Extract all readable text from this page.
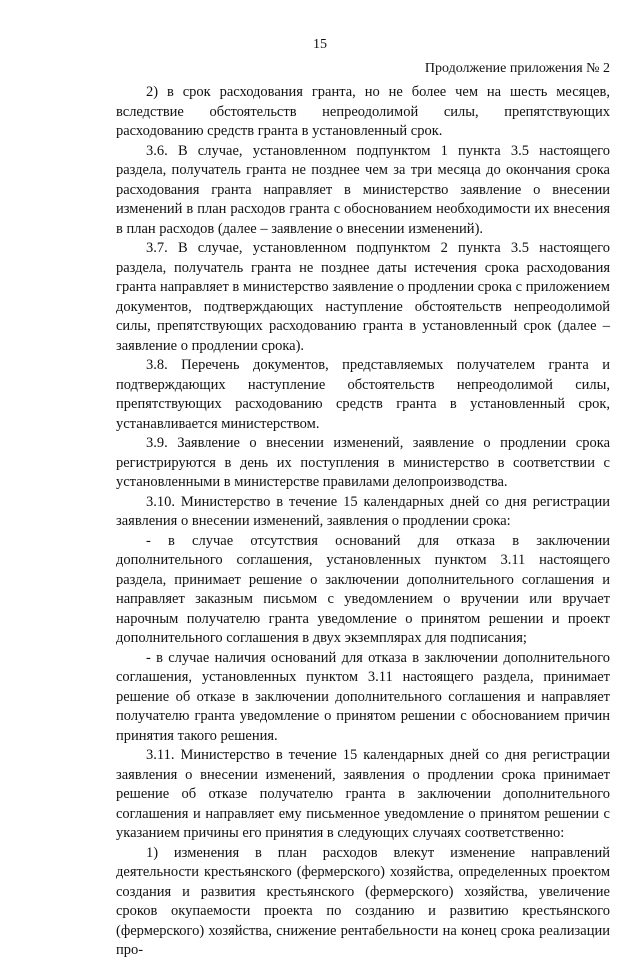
15
Продолжение приложения № 2

2) в срок расходования гранта, но не более чем на шесть месяцев, вследствие обстоятельств непреодолимой силы, препятствующих расходованию средств гранта в установленный срок.

3.6. В случае, установленном подпунктом 1 пункта 3.5 настоящего раздела, получатель гранта не позднее чем за три месяца до окончания срока расходования гранта направляет в министерство заявление о внесении изменений в план расходов гранта с обоснованием необходимости их внесения в план расходов (далее – заявление о внесении изменений).

3.7. В случае, установленном подпунктом 2 пункта 3.5 настоящего раздела, получатель гранта не позднее даты истечения срока расходования гранта направляет в министерство заявление о продлении срока с приложением документов, подтверждающих наступление обстоятельств непреодолимой силы, препятствующих расходованию гранта в установленный срок (далее – заявление о продлении срока).

3.8. Перечень документов, представляемых получателем гранта и подтверждающих наступление обстоятельств непреодолимой силы, препятствующих расходованию средств гранта в установленный срок, устанавливается министерством.

3.9. Заявление о внесении изменений, заявление о продлении срока регистрируются в день их поступления в министерство в соответствии с установленными в министерстве правилами делопроизводства.

3.10. Министерство в течение 15 календарных дней со дня регистрации заявления о внесении изменений, заявления о продлении срока:

- в случае отсутствия оснований для отказа в заключении дополнительного соглашения, установленных пунктом 3.11 настоящего раздела, принимает решение о заключении дополнительного соглашения и направляет заказным письмом с уведомлением о вручении или вручает нарочным получателю гранта уведомление о принятом решении и проект дополнительного соглашения в двух экземплярах для подписания;

- в случае наличия оснований для отказа в заключении дополнительного соглашения, установленных пунктом 3.11 настоящего раздела, принимает решение об отказе в заключении дополнительного соглашения и направляет получателю гранта уведомление о принятом решении с обоснованием причин принятия такого решения.

3.11. Министерство в течение 15 календарных дней со дня регистрации заявления о внесении изменений, заявления о продлении срока принимает решение об отказе получателю гранта в заключении дополнительного соглашения и направляет ему письменное уведомление о принятом решении с указанием причины его принятия в следующих случаях соответственно:

1) изменения в план расходов влекут изменение направлений деятельности крестьянского (фермерского) хозяйства, определенных проектом создания и развития крестьянского (фермерского) хозяйства, увеличение сроков окупаемости проекта по созданию и развитию крестьянского (фермерского) хозяйства, снижение рентабельности на конец срока реализации про-
